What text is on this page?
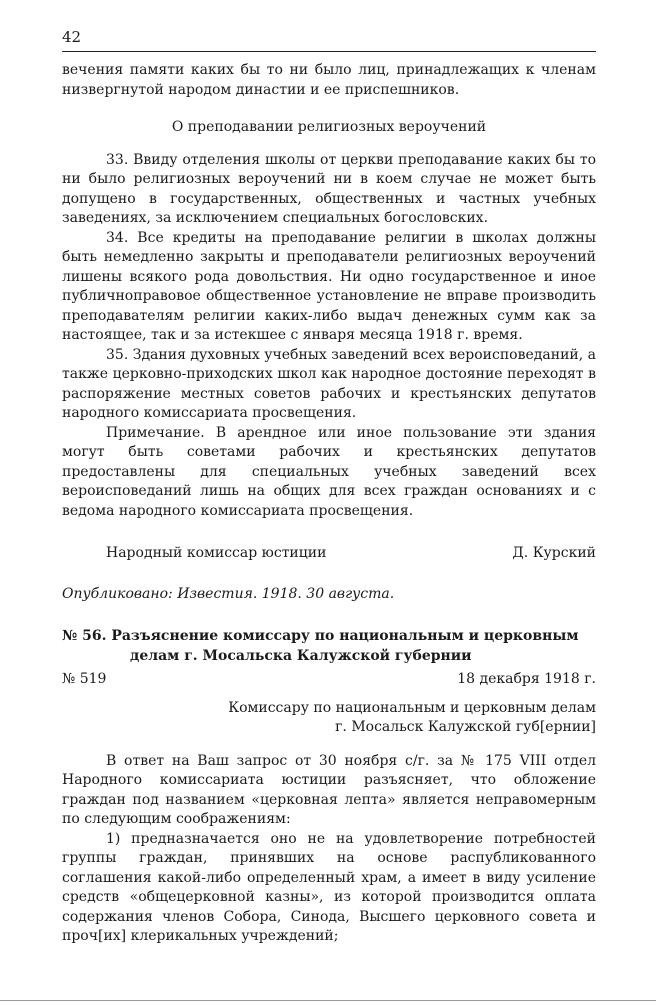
42

вечения памяти каких бы то ни было лиц, принадлежащих к членам низвергнутой народом династии и ее приспешников.

О преподавании религиозных вероучений

33. Ввиду отделения школы от церкви преподавание каких бы то ни было религиозных вероучений ни в коем случае не может быть допущено в государственных, общественных и частных учебных заведениях, за исключением специальных богословских.

34. Все кредиты на преподавание религии в школах должны быть немедленно закрыты и преподаватели религиозных вероучений лишены всякого рода довольствия. Ни одно государственное и иное публичноправовое общественное установление не вправе производить преподавателям религии каких-либо выдач денежных сумм как за настоящее, так и за истекшее с января месяца 1918 г. время.

35. Здания духовных учебных заведений всех вероисповеданий, а также церковно-приходских школ как народное достояние переходят в распоряжение местных советов рабочих и крестьянских депутатов народного комиссариата просвещения.

Примечание. В арендное или иное пользование эти здания могут быть советами рабочих и крестьянских депутатов предоставлены для специальных учебных заведений всех вероисповеданий лишь на общих для всех граждан основаниях и с ведома народного комиссариата просвещения.

Народный комиссар юстиции	Д. Курский
Опубликовано: Известия. 1918. 30 августа.
№ 56. Разъяснение комиссару по национальным и церковным делам г. Мосальска Калужской губернии
№ 519	18 декабря 1918 г.
Комиссару по национальным и церковным делам
г. Мосальск Калужской губ[ернии]

В ответ на Ваш запрос от 30 ноября с/г. за № 175 VIII отдел Народного комиссариата юстиции разъясняет, что обложение граждан под названием «церковная лепта» является неправомерным по следующим соображениям:

1) предназначается оно не на удовлетворение потребностей группы граждан, принявших на основе распубликованного соглашения какой-либо определенный храм, а имеет в виду усиление средств «общецерковной казны», из которой производится оплата содержания членов Собора, Синода, Высшего церковного совета и проч[их] клерикальных учреждений;
